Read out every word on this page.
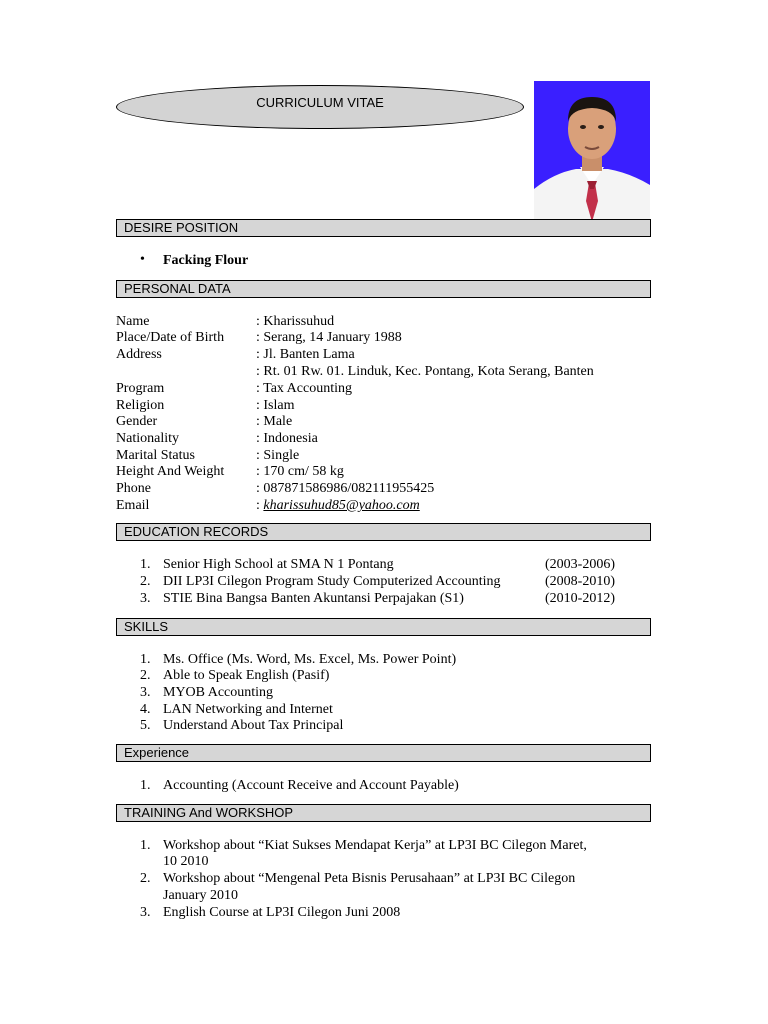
CURRICULUM VITAE
DESIRE POSITION
• Facking Flour
PERSONAL DATA
Name	: Kharissuhud
Place/Date of Birth : Serang, 14 January 1988
Address	: Jl. Banten Lama
: Rt. 01 Rw. 01. Linduk, Kec. Pontang, Kota Serang, Banten
Program	: Tax Accounting
Religion	: Islam
Gender	: Male
Nationality	: Indonesia
Marital Status	: Single
Height And Weight : 170 cm/ 58 kg
Phone	: 087871586986/082111955425
Email	: kharissuhud85@yahoo.com
EDUCATION RECORDS
1. Senior High School at SMA N 1 Pontang	(2003-2006)
2. DII LP3I Cilegon Program Study Computerized Accounting	(2008-2010)
3. STIE Bina Bangsa Banten Akuntansi Perpajakan (S1)	(2010-2012)
SKILLS
1. Ms. Office (Ms. Word, Ms. Excel, Ms. Power Point)
2. Able to Speak English (Pasif)
3. MYOB Accounting
4. LAN Networking and Internet
5. Understand About Tax Principal
Experience
1. Accounting (Account Receive and Account Payable)
TRAINING And WORKSHOP
1. Workshop about “Kiat Sukses Mendapat Kerja” at LP3I BC Cilegon Maret,
10 2010
2. Workshop about “Mengenal Peta Bisnis Perusahaan” at LP3I BC Cilegon
January 2010
3. English Course at LP3I Cilegon Juni 2008
